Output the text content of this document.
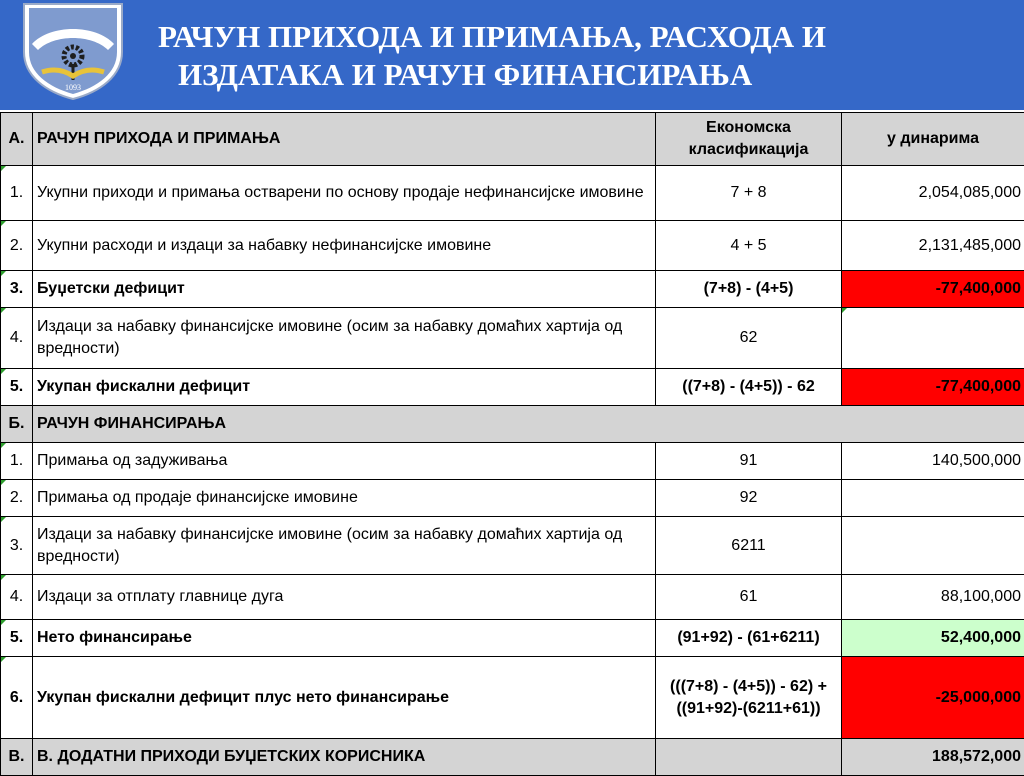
1093
РАЧУН ПРИХОДА И ПРИМАЊА, РАСХОДА И
ИЗДАТАКА И РАЧУН ФИНАНСИРАЊА
А.	РАЧУН ПРИХОДА И ПРИМАЊА	Економска класификација	у динарима
1.	Укупни приходи и примања остварени по основу продаје нефинансијске имовине	7 + 8	2,054,085,000
2.	Укупни расходи и издаци за набавку нефинансијске имовине	4 + 5	2,131,485,000
3.	Буџетски дефицит	(7+8) - (4+5)	-77,400,000
4.	Издаци за набавку финансијске имовине (осим за набавку домаћих хартија од вредности)	62	
5.	Укупан фискални дефицит	((7+8) - (4+5)) - 62	-77,400,000
Б.	РАЧУН ФИНАНСИРАЊА		
1.	Примања од задуживања	91	140,500,000
2.	Примања од продаје финансијске имовине	92	
3.	Издаци за набавку финансијске имовине (осим за набавку домаћих хартија од вредности)	6211	
4.	Издаци за отплату главнице дуга	61	88,100,000
5.	Нето финансирање	(91+92) - (61+6211)	52,400,000
6.	Укупан фискални дефицит плус нето финансирање	(((7+8) - (4+5)) - 62) + ((91+92)-(6211+61))	-25,000,000
В.	В. ДОДАТНИ ПРИХОДИ БУЏЕТСКИХ КОРИСНИКА		188,572,000
